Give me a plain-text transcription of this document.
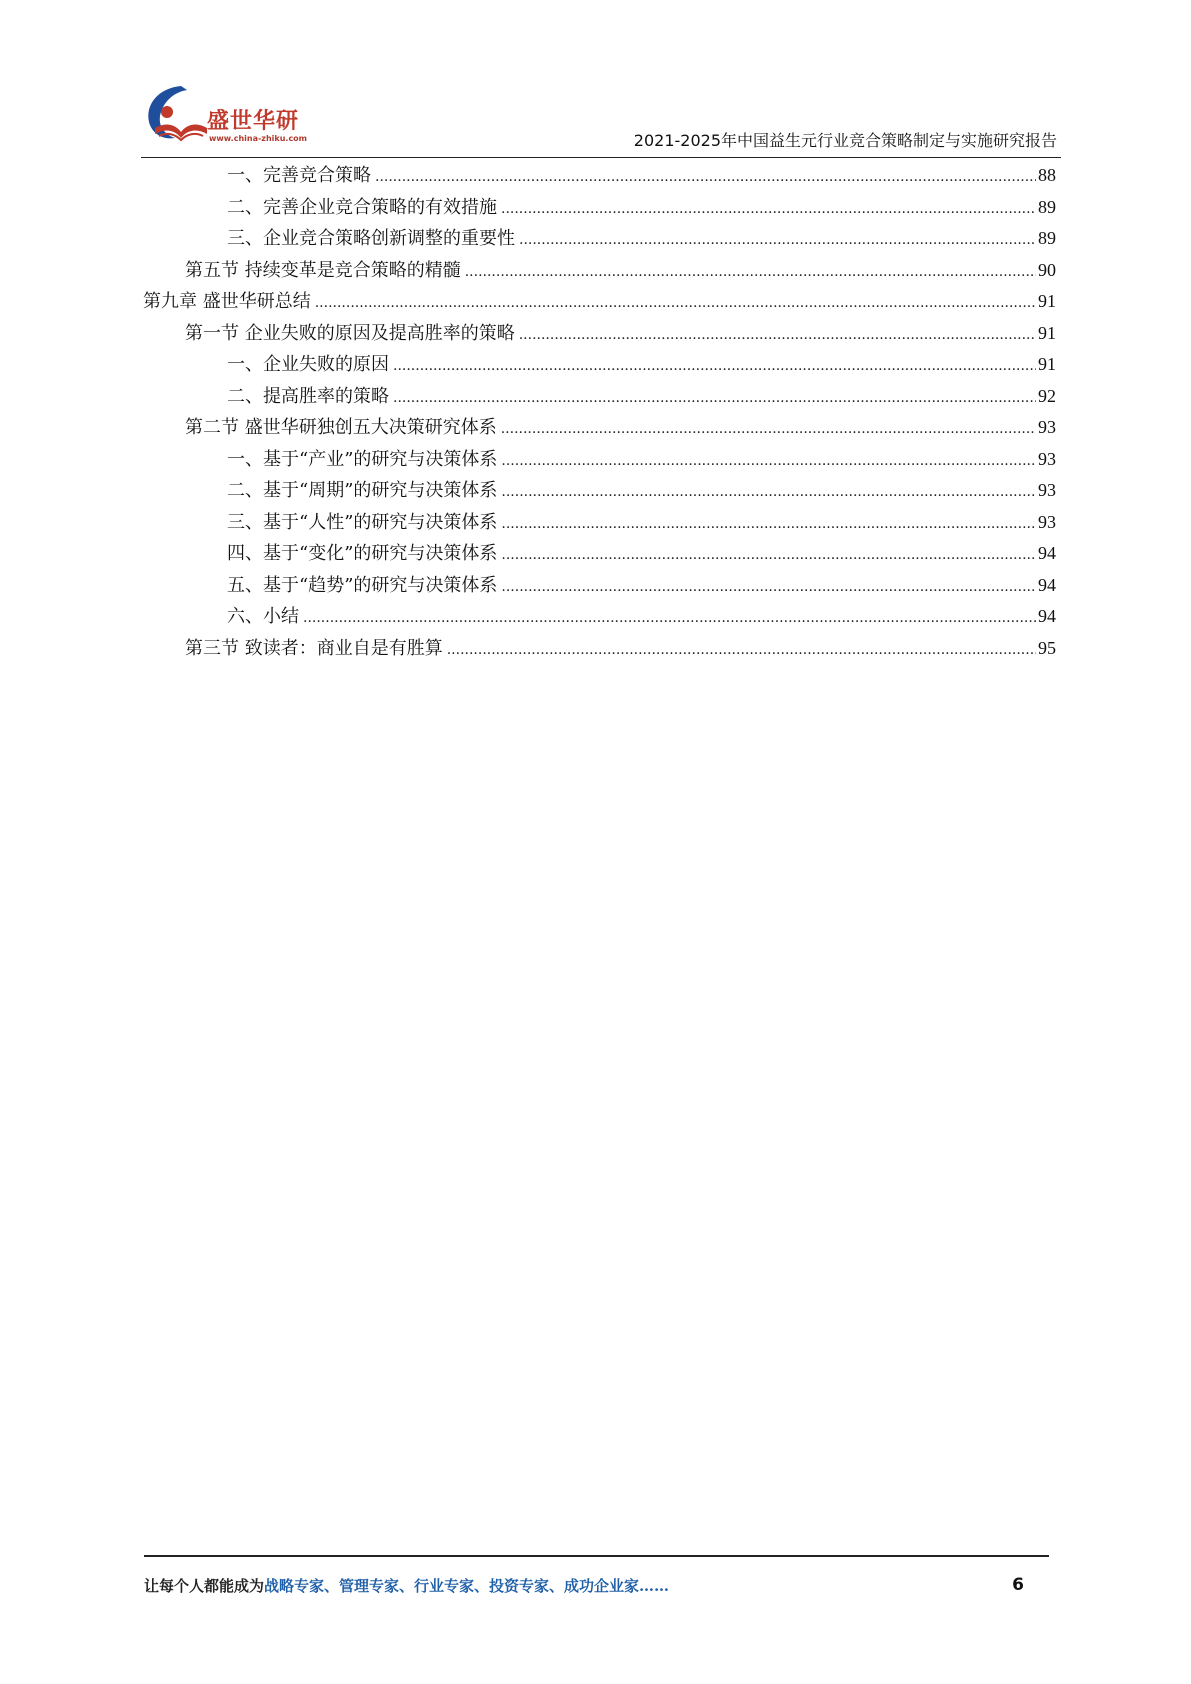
盛世华研
www.china-zhiku.com	2021-2025年中国益生元行业竞合策略制定与实施研究报告
一、完善竞合策略 .....	88
二、完善企业竞合策略的有效措施 .....	89
三、企业竞合策略创新调整的重要性 .....	89
第五节 持续变革是竞合策略的精髓 .....	90
第九章 盛世华研总结 .....	91
第一节 企业失败的原因及提高胜率的策略 .....	91
一、企业失败的原因 .....	91
二、提高胜率的策略 .....	92
第二节 盛世华研独创五大决策研究体系 .....	93
一、基于“产业”的研究与决策体系 .....	93
二、基于“周期”的研究与决策体系 .....	93
三、基于“人性”的研究与决策体系 .....	93
四、基于“变化”的研究与决策体系 .....	94
五、基于“趋势”的研究与决策体系 .....	94
六、小结 .....	94
第三节 致读者：商业自是有胜算 .....	95
让每个人都能成为战略专家、管理专家、行业专家、投资专家、成功企业家……	6
